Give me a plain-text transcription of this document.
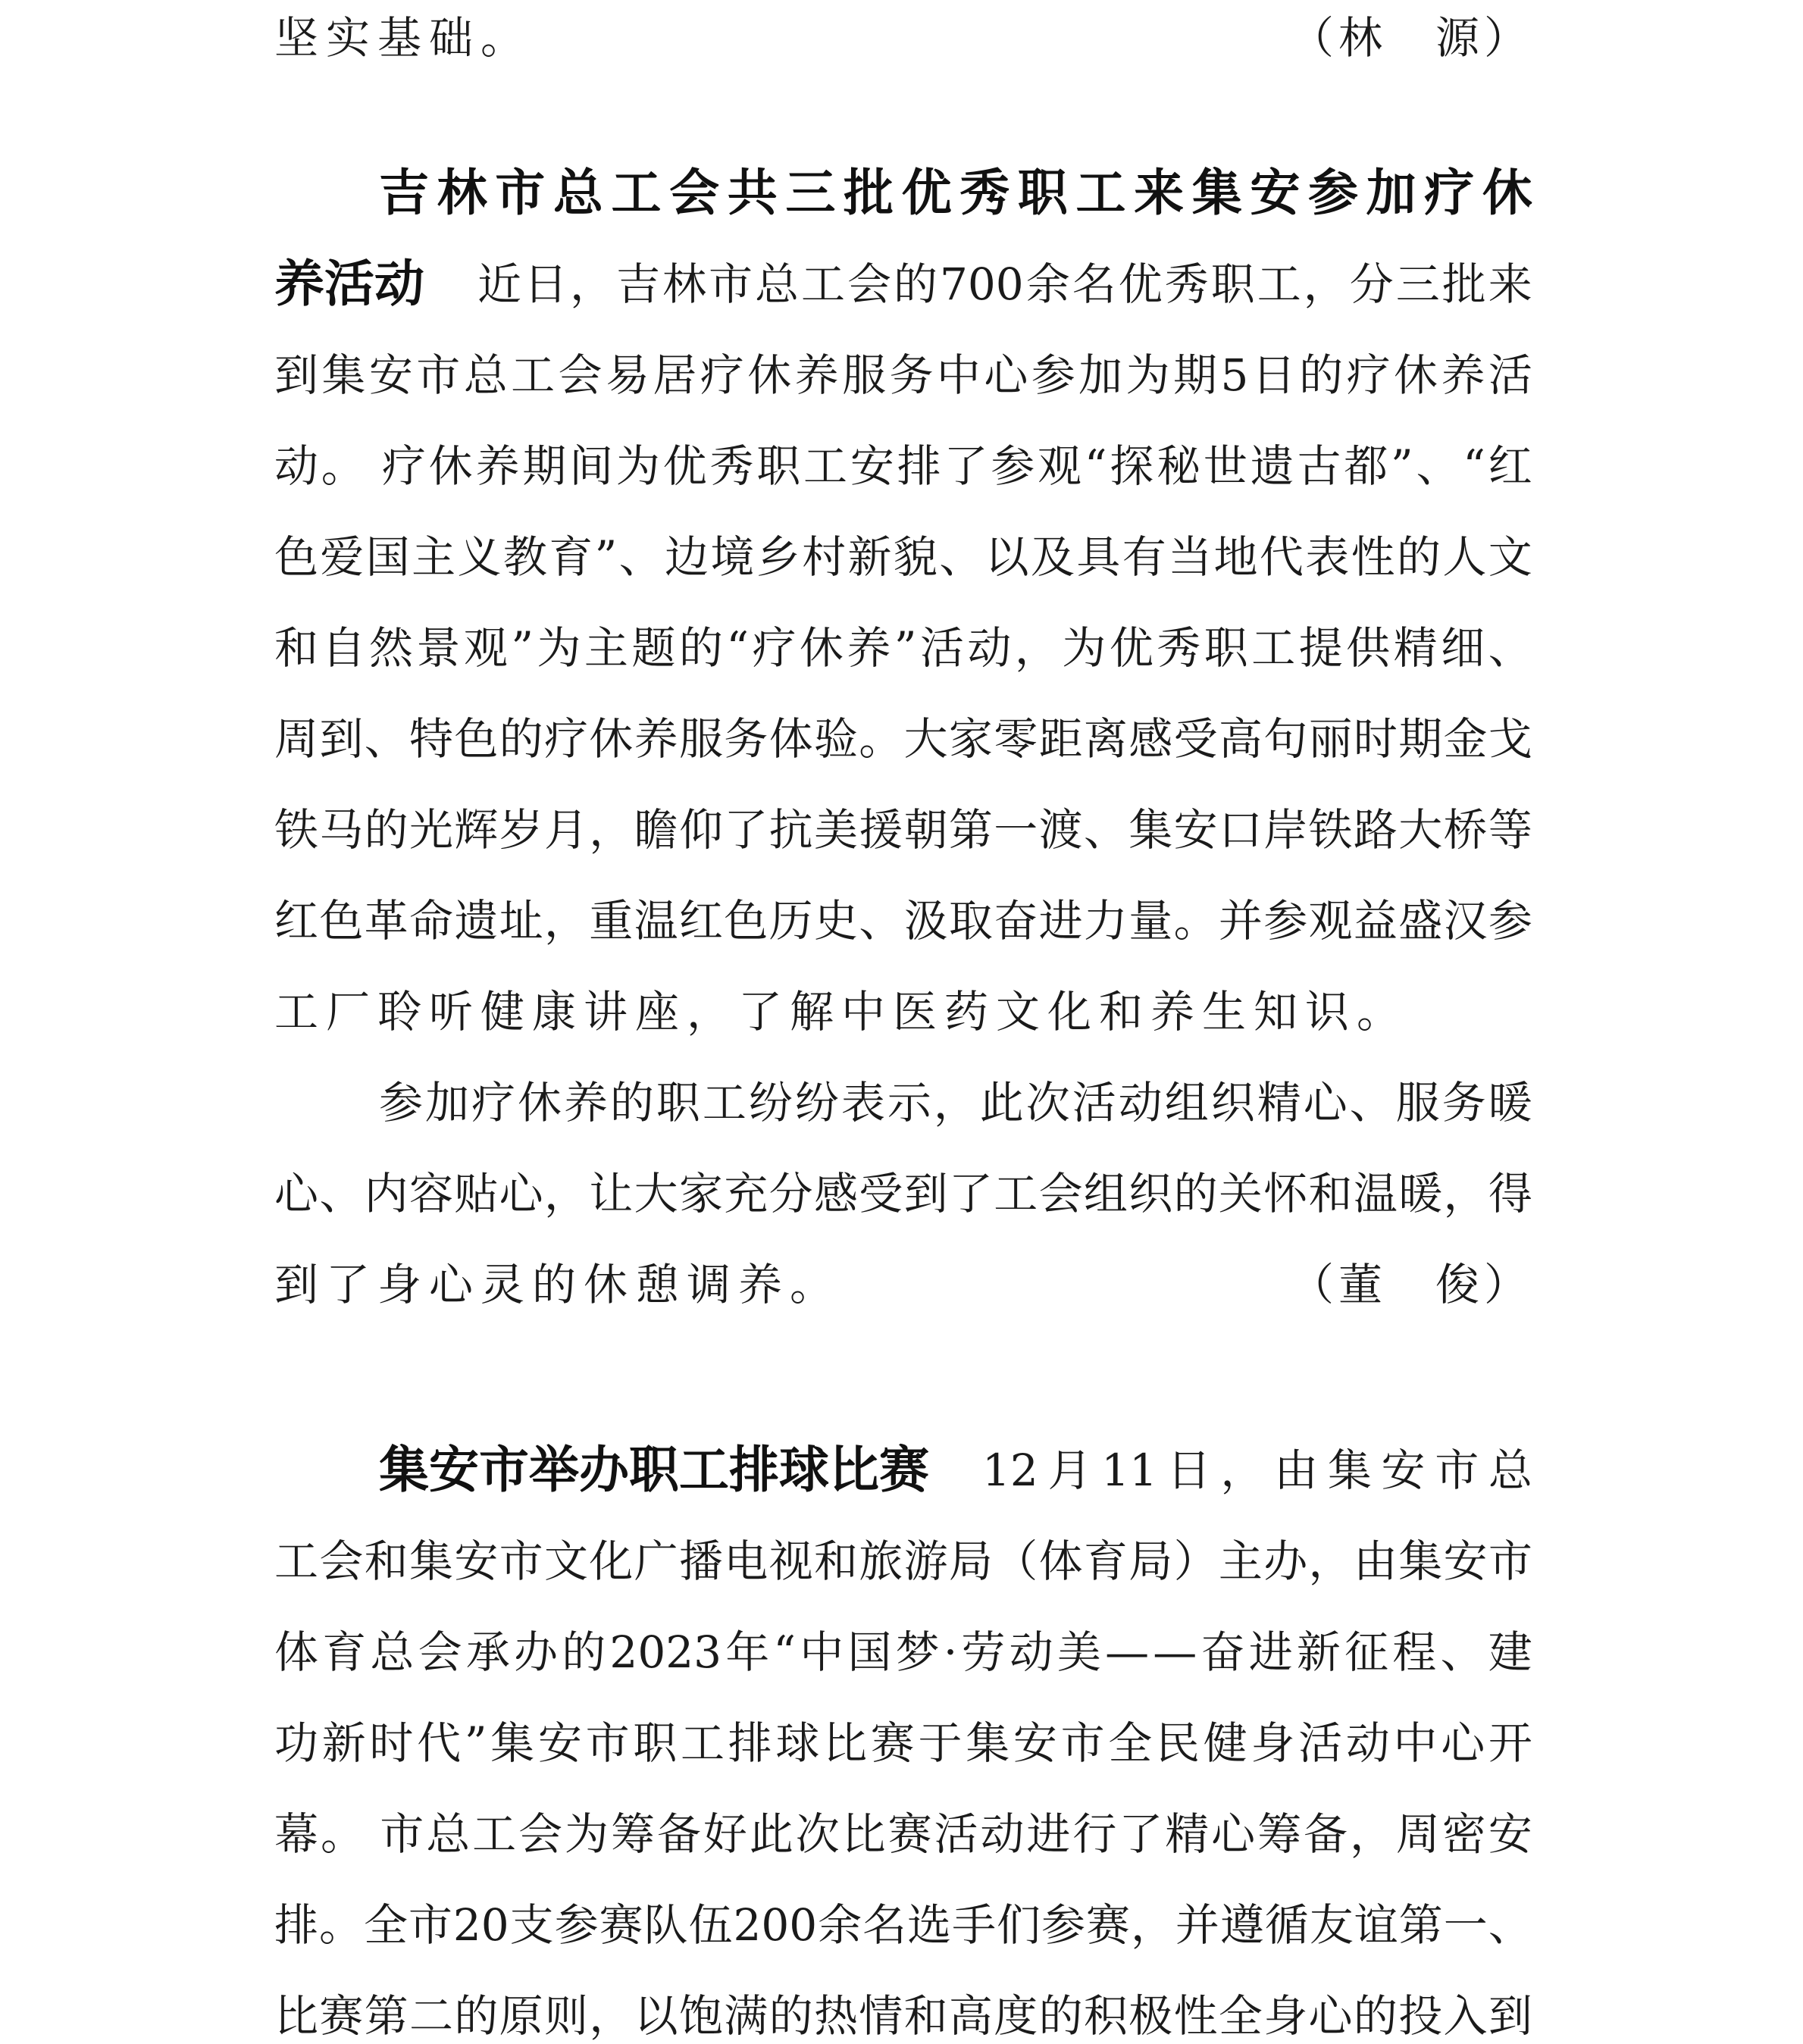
坚实基础。	（林　源）
吉 林 市 总 工 会 共 三 批 优 秀 职 工 来 集 安 参 加 疗 休
养活动 近 日 ， 吉 林 市 总 工 会 的 700 余 名 优 秀 职 工 ， 分 三 批 来
到 集 安 市 总 工 会 易 居 疗 休 养 服 务 中 心 参 加 为 期 5 日 的 疗 休 养 活
动 。
疗 休 养 期 间 为 优 秀 职 工 安 排 了 参 观 “ 探 秘 世 遗 古 都 ” 、 “ 红
色 爱 国 主 义 教 育 ” 、 边 境 乡 村 新 貌 、 以 及 具 有 当 地 代 表 性 的 人 文
和 自 然 景 观 ” 为 主 题 的 “ 疗 休 养 ” 活 动 ， 为 优 秀 职 工 提 供 精 细 、
周 到 、 特 色 的 疗 休 养 服 务 体 验 。 大 家 零 距 离 感 受 高 句 丽 时 期 金 戈
铁 马 的 光 辉 岁 月 ， 瞻 仰 了 抗 美 援 朝 第 一 渡 、 集 安 口 岸 铁 路 大 桥 等
红 色 革 命 遗 址 ， 重 温 红 色 历 史 、 汲 取 奋 进 力 量 。 并 参 观 益 盛 汉 参
工厂聆听健康讲座，了解中医药文化和养生知识。
参 加 疗 休 养 的 职 工 纷 纷 表 示 ， 此 次 活 动 组 织 精 心 、 服 务 暖
心 、 内 容 贴 心 ， 让 大 家 充 分 感 受 到 了 工 会 组 织 的 关 怀 和 温 暖 ， 得
到了身心灵的休憩调养。	（董　俊）
集安市举办职工排球比赛 12 月 11 日 ， 由 集 安 市 总
工 会 和 集 安 市 文 化 广 播 电 视 和 旅 游 局 （ 体 育 局 ） 主 办 ， 由 集 安 市
体 育 总 会 承 办 的 2023 年 “ 中 国 梦 · 劳 动 美 — — 奋 进 新 征 程 、 建
功 新 时 代 ” 集 安 市 职 工 排 球 比 赛 于 集 安 市 全 民 健 身 活 动 中 心 开
幕 。
市 总 工 会 为 筹 备 好 此 次 比 赛 活 动 进 行 了 精 心 筹 备 ， 周 密 安
排 。 全 市 20 支 参 赛 队 伍 200 余 名 选 手 们 参 赛 ， 并 遵 循 友 谊 第 一 、
比 赛 第 二 的 原 则 ， 以 饱 满 的 热 情 和 高 度 的 积 极 性 全 身 心 的 投 入 到
